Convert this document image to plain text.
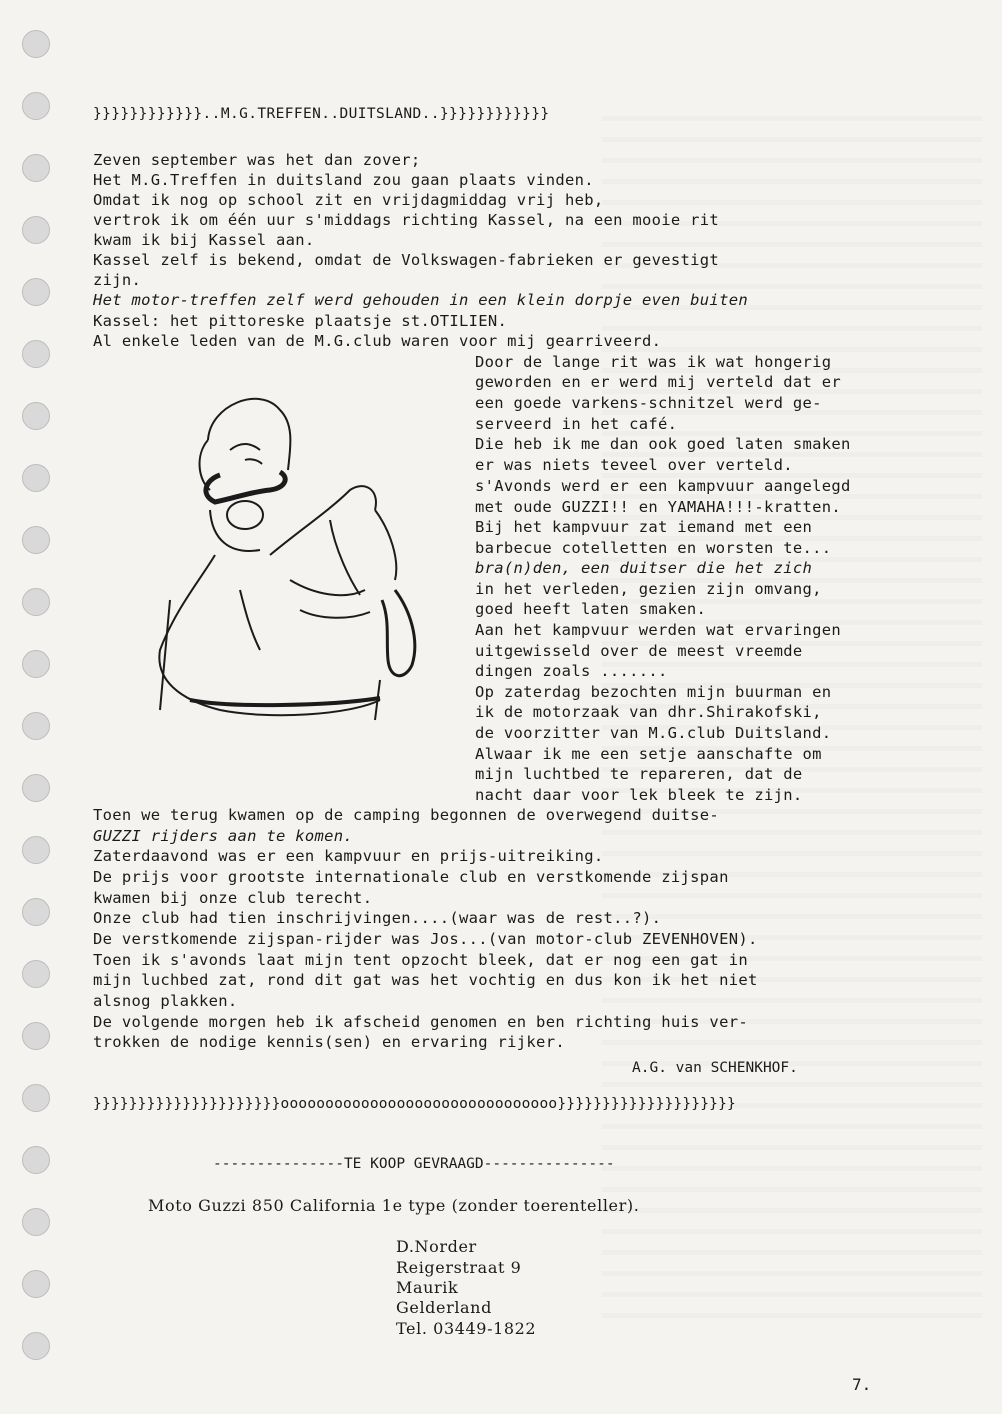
}}}}}}}}}}}}..M.G.TREFFEN..DUITSLAND..}}}}}}}}}}}}
Zeven september was het dan zover;
Het M.G.Treffen in duitsland zou gaan plaats vinden.
Omdat ik nog op school zit en vrijdagmiddag vrij heb,
vertrok ik om één uur s'middags richting Kassel, na een mooie rit
kwam ik bij Kassel aan.
Kassel zelf is bekend, omdat de Volkswagen-fabrieken er gevestigt
zijn.
Het motor-treffen zelf werd gehouden in een klein dorpje even buiten
Kassel: het pittoreske plaatsje st.OTILIEN.
Al enkele leden van de M.G.club waren voor mij gearriveerd.
Door de lange rit was ik wat hongerig
geworden en er werd mij verteld dat er
een goede varkens-schnitzel werd ge-
serveerd in het café.
Die heb ik me dan ook goed laten smaken
er was niets teveel over verteld.
s'Avonds werd er een kampvuur aangelegd
met oude GUZZI!! en YAMAHA!!!-kratten.
Bij het kampvuur zat iemand met een
barbecue cotelletten en worsten te...
bra(n)den, een duitser die het zich
in het verleden, gezien zijn omvang,
goed heeft laten smaken.
Aan het kampvuur werden wat ervaringen
uitgewisseld over de meest vreemde
dingen zoals .......
Op zaterdag bezochten mijn buurman en
ik de motorzaak van dhr.Shirakofski,
de voorzitter van M.G.club Duitsland.
Alwaar ik me een setje aanschafte om
mijn luchtbed te repareren, dat de
nacht daar voor lek bleek te zijn.
Toen we terug kwamen op de camping begonnen de overwegend duitse-
GUZZI rijders aan te komen.
Zaterdaavond was er een kampvuur en prijs-uitreiking.
De prijs voor grootste internationale club en verstkomende zijspan
kwamen bij onze club terecht.
Onze club had tien inschrijvingen....(waar was de rest..?).
De verstkomende zijspan-rijder was Jos...(van motor-club ZEVENHOVEN).
Toen ik s'avonds laat mijn tent opzocht bleek, dat er nog een gat in
mijn luchbed zat, rond dit gat was het vochtig en dus kon ik het niet
alsnog plakken.
De volgende morgen heb ik afscheid genomen en ben richting huis ver-
trokken de nodige kennis(sen) en ervaring rijker.
A.G. van SCHENKHOF.
}}}}}}}}}}}}}}}}}}}}}ooooooooooooooooooooooooooooooo}}}}}}}}}}}}}}}}}}}}
---------------TE KOOP GEVRAAGD---------------
Moto Guzzi 850 California 1e type (zonder toerenteller).
D.Norder
Reigerstraat 9
Maurik
Gelderland
Tel. 03449-1822
7.
